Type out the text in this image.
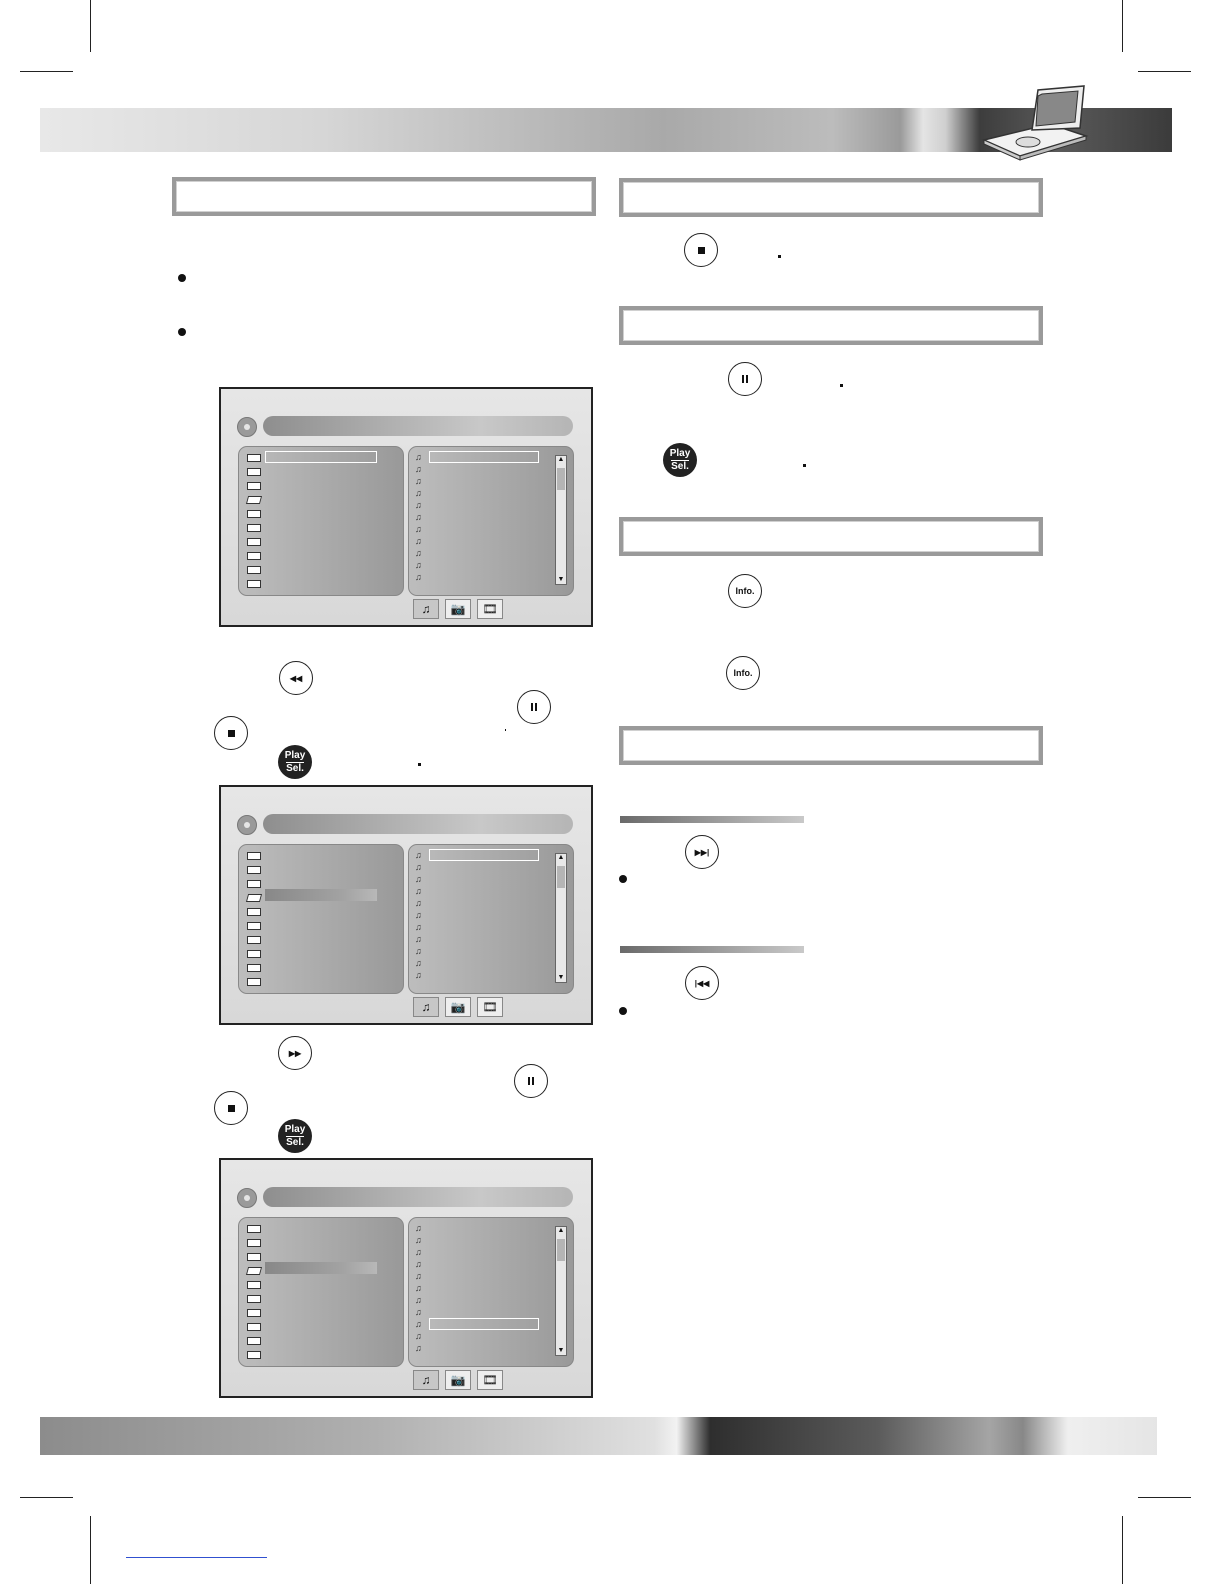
♫
♫
♫
♫
♫
♫
♫
♫
♫
♫
♫
▲
▼
♫	📷	🎞
◀◀
Play
Sel.
♫
♫
♫
♫
♫
♫
♫
♫
♫
♫
♫
▲
▼
♫	📷	🎞
▶▶
Play
Sel.
♫
♫
♫
♫
♫
♫
♫
♫
♫
♫
♫
▲
▼
♫	📷	🎞
Play
Sel.
Info.
Info.
▶▶|
|◀◀
